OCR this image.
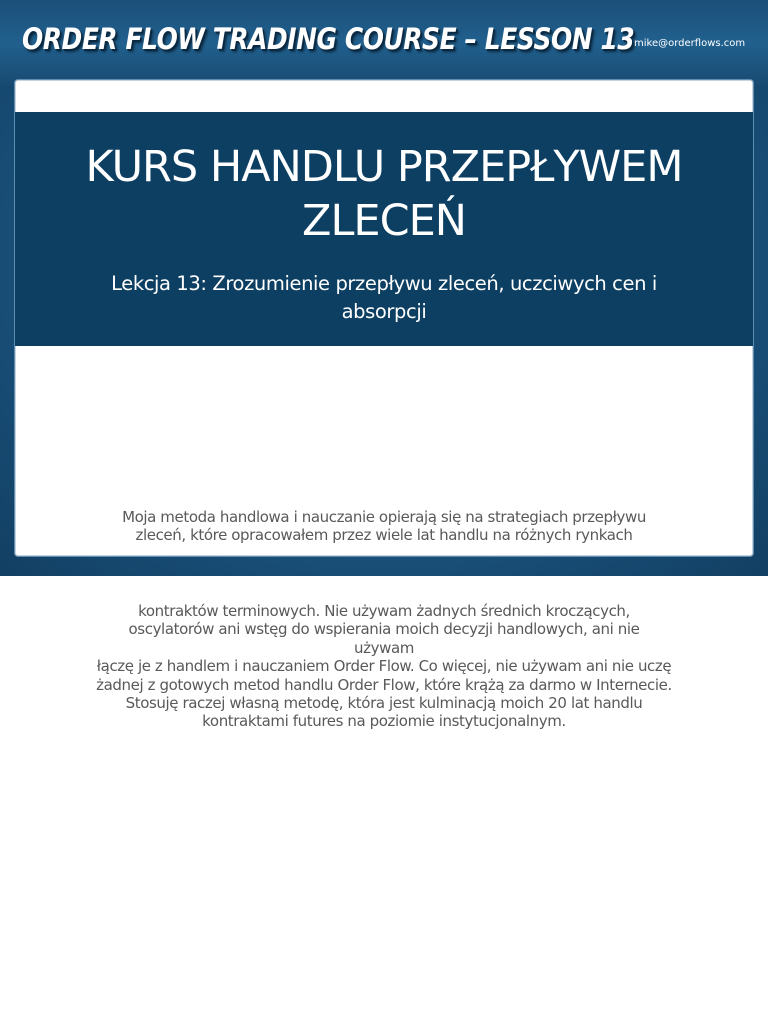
ORDER FLOW TRADING COURSE – LESSON 13 mike@orderflows.com
KURS HANDLU PRZEPŁYWEM
ZLECEŃ
Lekcja 13: Zrozumienie przepływu zleceń, uczciwych cen i
absorpcji
Moja metoda handlowa i nauczanie opierają się na strategiach przepływu
zleceń, które opracowałem przez wiele lat handlu na różnych rynkach
kontraktów terminowych. Nie używam żadnych średnich kroczących,
oscylatorów ani wstęg do wspierania moich decyzji handlowych, ani nie
używam
łączę je z handlem i nauczaniem Order Flow. Co więcej, nie używam ani nie uczę
żadnej z gotowych metod handlu Order Flow, które krążą za darmo w Internecie.
Stosuję raczej własną metodę, która jest kulminacją moich 20 lat handlu
kontraktami futures na poziomie instytucjonalnym.
